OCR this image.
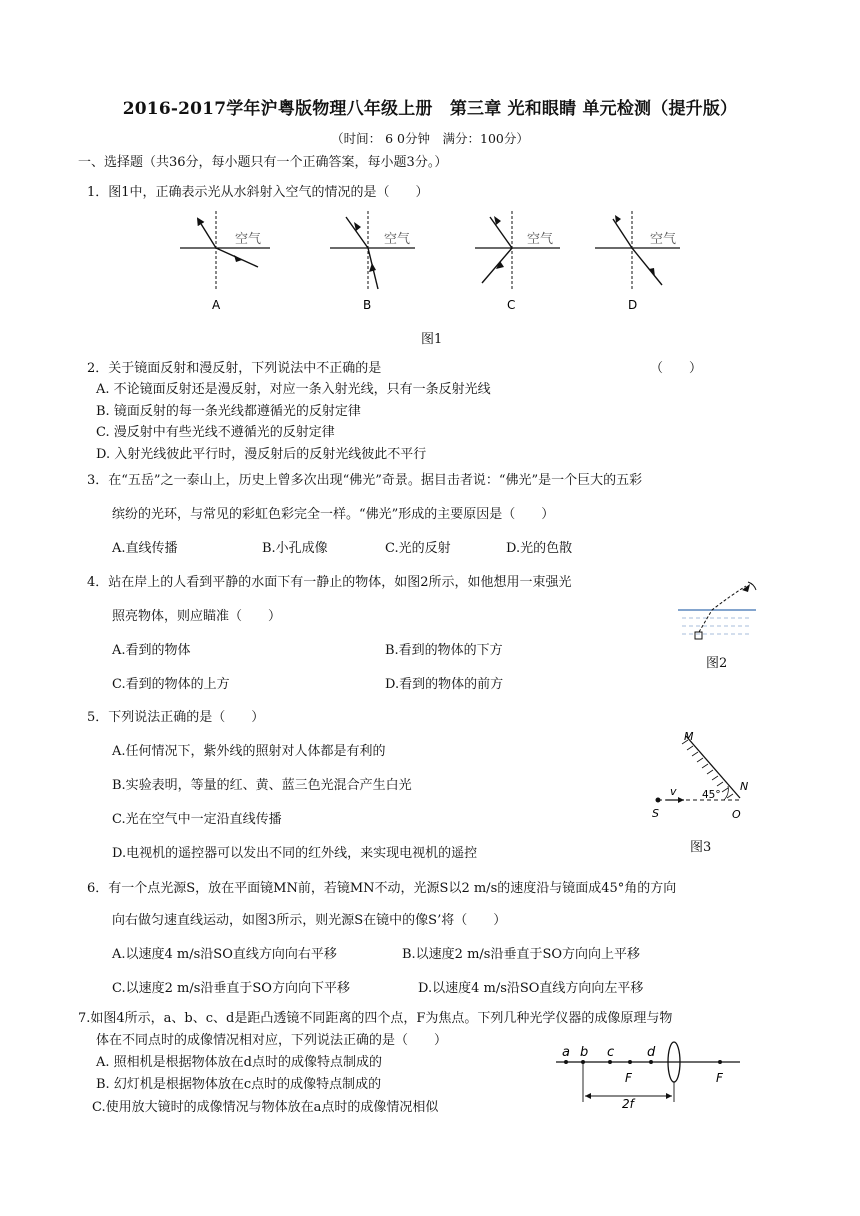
2016-2017学年沪粤版物理八年级上册　第三章 光和眼睛 单元检测（提升版）
（时间： 6 0分钟　满分：100分）
一、选择题（共36分，每小题只有一个正确答案，每小题3分。）
1．图1中，正确表示光从水斜射入空气的情况的是（　　）
空气
A
空气
B
空气
C
空气
D
图1
2．关于镜面反射和漫反射，下列说法中不正确的是	（　　）
A. 不论镜面反射还是漫反射，对应一条入射光线，只有一条反射光线
B. 镜面反射的每一条光线都遵循光的反射定律
C. 漫反射中有些光线不遵循光的反射定律
D. 入射光线彼此平行时，漫反射后的反射光线彼此不平行
3．在“五岳”之一泰山上，历史上曾多次出现“佛光”奇景。据目击者说：“佛光”是一个巨大的五彩
缤纷的光环，与常见的彩虹色彩完全一样。“佛光”形成的主要原因是（　　）
A.直线传播	B.小孔成像	C.光的反射	D.光的色散
4．站在岸上的人看到平静的水面下有一静止的物体，如图2所示，如他想用一束强光
照亮物体，则应瞄准（　　）
A.看到的物体	B.看到的物体的下方
C.看到的物体的上方	D.看到的物体的前方
图2
5．下列说法正确的是（　　）
A.任何情况下，紫外线的照射对人体都是有利的
B.实验表明，等量的红、黄、蓝三色光混合产生白光
C.光在空气中一定沿直线传播
D.电视机的遥控器可以发出不同的红外线，来实现电视机的遥控
M
N
S	O
v 45°
图3
6．有一个点光源S，放在平面镜MN前，若镜MN不动，光源S以2 m/s的速度沿与镜面成45°角的方向
向右做匀速直线运动，如图3所示，则光源S在镜中的像S’将（　　）
A.以速度4 m/s沿SO直线方向向右平移	B.以速度2 m/s沿垂直于SO方向向上平移
C.以速度2 m/s沿垂直于SO方向向下平移	D.以速度4 m/s沿SO直线方向向左平移
7.如图4所示，a、b、c、d是距凸透镜不同距离的四个点，F为焦点。下列几种光学仪器的成像原理与物
体在不同点时的成像情况相对应，下列说法正确的是（　　）
A. 照相机是根据物体放在d点时的成像特点制成的
B. 幻灯机是根据物体放在c点时的成像特点制成的
C.使用放大镜时的成像情况与物体放在a点时的成像情况相似
a b c	d
F	F
2f
